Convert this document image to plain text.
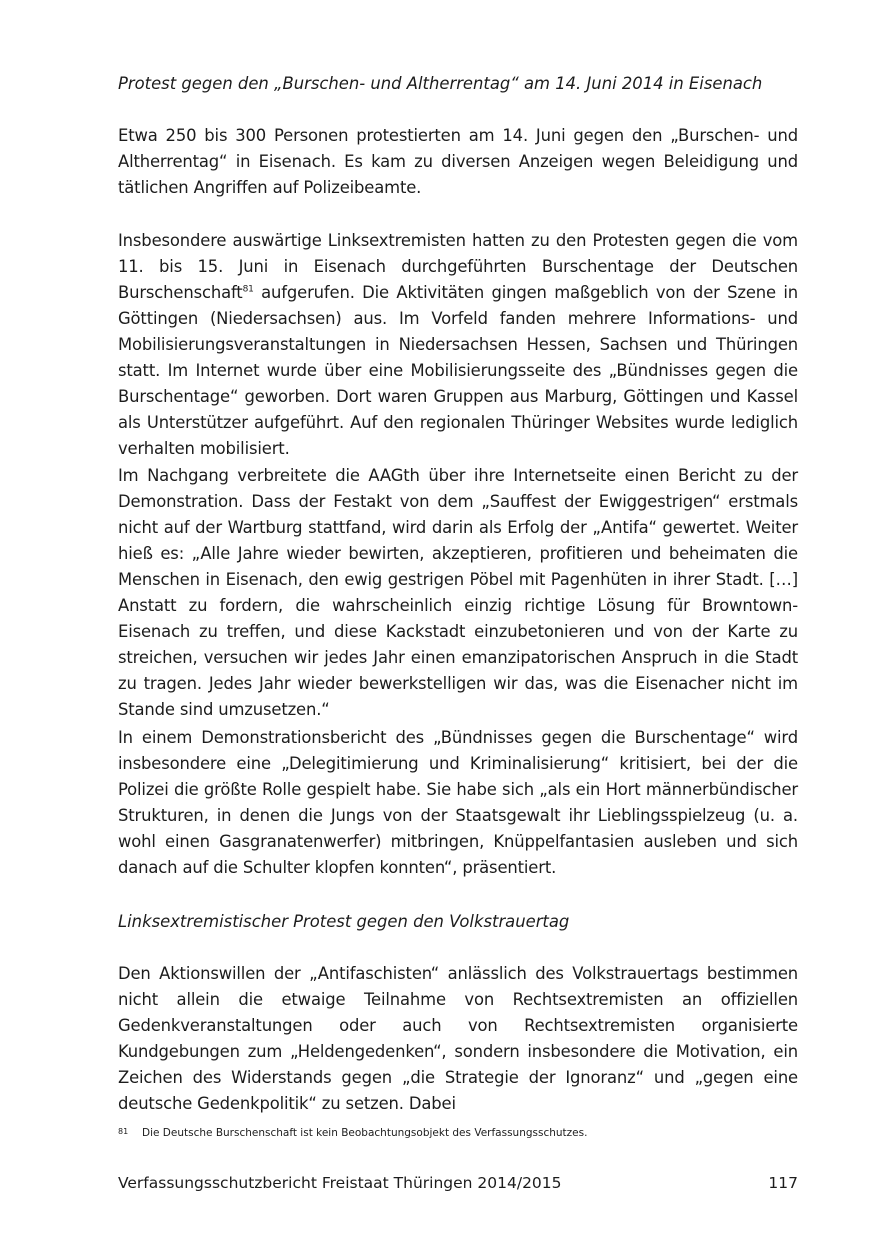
Protest gegen den „Burschen- und Altherrentag“ am 14. Juni 2014 in Eisenach

Etwa 250 bis 300 Personen protestierten am 14. Juni gegen den „Burschen- und Altherrentag“ in Eisenach. Es kam zu diversen Anzeigen wegen Beleidigung und tätlichen Angriffen auf Polizeibeamte.

Insbesondere auswärtige Linksextremisten hatten zu den Protesten gegen die vom 11. bis 15. Juni in Eisenach durchgeführten Burschentage der Deutschen Burschenschaft$^{81}$ aufgerufen. Die Aktivitäten gingen maßgeblich von der Szene in Göttingen (Niedersachsen) aus. Im Vorfeld fanden mehrere Informations- und Mobilisierungsveranstaltungen in Niedersachsen Hessen, Sachsen und Thüringen statt. Im Internet wurde über eine Mobilisierungsseite des „Bündnisses gegen die Burschentage“ geworben. Dort waren Gruppen aus Marburg, Göttingen und Kassel als Unterstützer aufgeführt. Auf den regionalen Thüringer Websites wurde lediglich verhalten mobilisiert.

Im Nachgang verbreitete die AAGth über ihre Internetseite einen Bericht zu der Demonstration. Dass der Festakt von dem „Sauffest der Ewiggestrigen“ erstmals nicht auf der Wartburg stattfand, wird darin als Erfolg der „Antifa“ gewertet. Weiter hieß es: „Alle Jahre wieder bewirten, akzeptieren, profitieren und beheimaten die Menschen in Eisenach, den ewig gestrigen Pöbel mit Pagenhüten in ihrer Stadt. […] Anstatt zu fordern, die wahrscheinlich einzig richtige Lösung für Browntown-Eisenach zu treffen, und diese Kackstadt einzubetonieren und von der Karte zu streichen, versuchen wir jedes Jahr einen emanzipatorischen Anspruch in die Stadt zu tragen. Jedes Jahr wieder bewerkstelligen wir das, was die Eisenacher nicht im Stande sind umzusetzen.“

In einem Demonstrationsbericht des „Bündnisses gegen die Burschentage“ wird insbesondere eine „Delegitimierung und Kriminalisierung“ kritisiert, bei der die Polizei die größte Rolle gespielt habe. Sie habe sich „als ein Hort männerbündischer Strukturen, in denen die Jungs von der Staatsgewalt ihr Lieblingsspielzeug (u. a. wohl einen Gasgranatenwerfer) mitbringen, Knüppelfantasien ausleben und sich danach auf die Schulter klopfen konnten“, präsentiert.

Linksextremistischer Protest gegen den Volkstrauertag

Den Aktionswillen der „Antifaschisten“ anlässlich des Volkstrauertags bestimmen nicht allein die etwaige Teilnahme von Rechtsextremisten an offiziellen Gedenkveranstaltungen oder auch von Rechtsextremisten organisierte Kundgebungen zum „Heldengedenken“, sondern insbesondere die Motivation, ein Zeichen des Widerstands gegen „die Strategie der Ignoranz“ und „gegen eine deutsche Gedenkpolitik“ zu setzen. Dabei

81 Die Deutsche Burschenschaft ist kein Beobachtungsobjekt des Verfassungsschutzes.
Verfassungsschutzbericht Freistaat Thüringen 2014/2015	117
